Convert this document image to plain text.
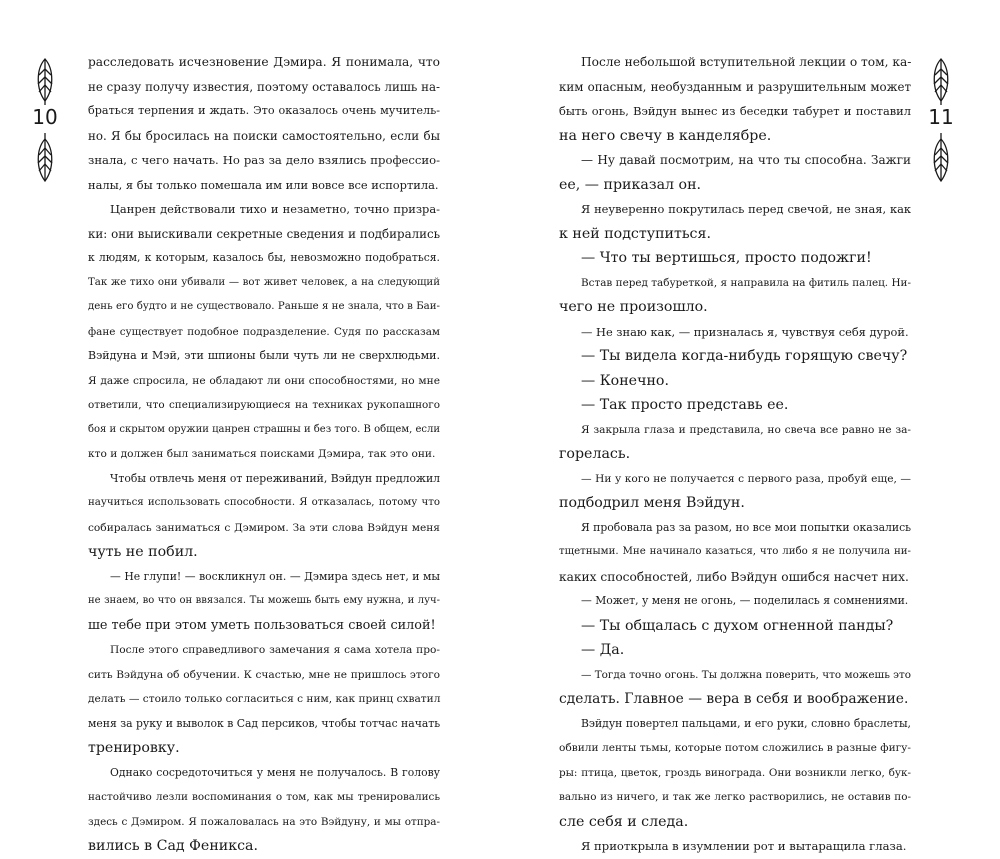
10
расследовать исчезновение Дэмира. Я понимала, что
не сразу получу известия, поэтому оставалось лишь на-
браться терпения и ждать. Это оказалось очень мучитель-
но. Я бы бросилась на поиски самостоятельно, если бы
знала, с чего начать. Но раз за дело взялись профессио-
налы, я бы только помешала им или вовсе все испортила.
Цанрен действовали тихо и незаметно, точно призра-
ки: они выискивали секретные сведения и подбирались
к людям, к которым, казалось бы, невозможно подобраться.
Так же тихо они убивали — вот живет человек, а на следующий
день его будто и не существовало. Раньше я не знала, что в Баи-
фане существует подобное подразделение. Судя по рассказам
Вэйдуна и Мэй, эти шпионы были чуть ли не сверхлюдьми.
Я даже спросила, не обладают ли они способностями, но мне
ответили, что специализирующиеся на техниках рукопашного
боя и скрытом оружии цанрен страшны и без того. В общем, если
кто и должен был заниматься поисками Дэмира, так это они.
Чтобы отвлечь меня от переживаний, Вэйдун предложил
научиться использовать способности. Я отказалась, потому что
собиралась заниматься с Дэмиром. За эти слова Вэйдун меня
чуть не побил.
— Не глупи! — воскликнул он. — Дэмира здесь нет, и мы
не знаем, во что он ввязался. Ты можешь быть ему нужна, и луч-
ше тебе при этом уметь пользоваться своей силой!
После этого справедливого замечания я сама хотела про-
сить Вэйдуна об обучении. К счастью, мне не пришлось этого
делать — стоило только согласиться с ним, как принц схватил
меня за руку и выволок в Сад персиков, чтобы тотчас начать
тренировку.
Однако сосредоточиться у меня не получалось. В голову
настойчиво лезли воспоминания о том, как мы тренировались
здесь с Дэмиром. Я пожаловалась на это Вэйдуну, и мы отпра-
вились в Сад Феникса.
11
После небольшой вступительной лекции о том, ка-
ким опасным, необузданным и разрушительным может
быть огонь, Вэйдун вынес из беседки табурет и поставил
на него свечу в канделябре.
— Ну давай посмотрим, на что ты способна. Зажги
ее, — приказал он.
Я неуверенно покрутилась перед свечой, не зная, как
к ней подступиться.
— Что ты вертишься, просто подожги!
Встав перед табуреткой, я направила на фитиль палец. Ни-
чего не произошло.
— Не знаю как, — призналась я, чувствуя себя дурой.
— Ты видела когда-нибудь горящую свечу?
— Конечно.
— Так просто представь ее.
Я закрыла глаза и представила, но свеча все равно не за-
горелась.
— Ни у кого не получается с первого раза, пробуй еще, —
подбодрил меня Вэйдун.
Я пробовала раз за разом, но все мои попытки оказались
тщетными. Мне начинало казаться, что либо я не получила ни-
каких способностей, либо Вэйдун ошибся насчет них.
— Может, у меня не огонь, — поделилась я сомнениями.
— Ты общалась с духом огненной панды?
— Да.
— Тогда точно огонь. Ты должна поверить, что можешь это
сделать. Главное — вера в себя и воображение.
Вэйдун повертел пальцами, и его руки, словно браслеты,
обвили ленты тьмы, которые потом сложились в разные фигу-
ры: птица, цветок, гроздь винограда. Они возникли легко, бук-
вально из ничего, и так же легко растворились, не оставив по-
сле себя и следа.
Я приоткрыла в изумлении рот и вытаращила глаза.
